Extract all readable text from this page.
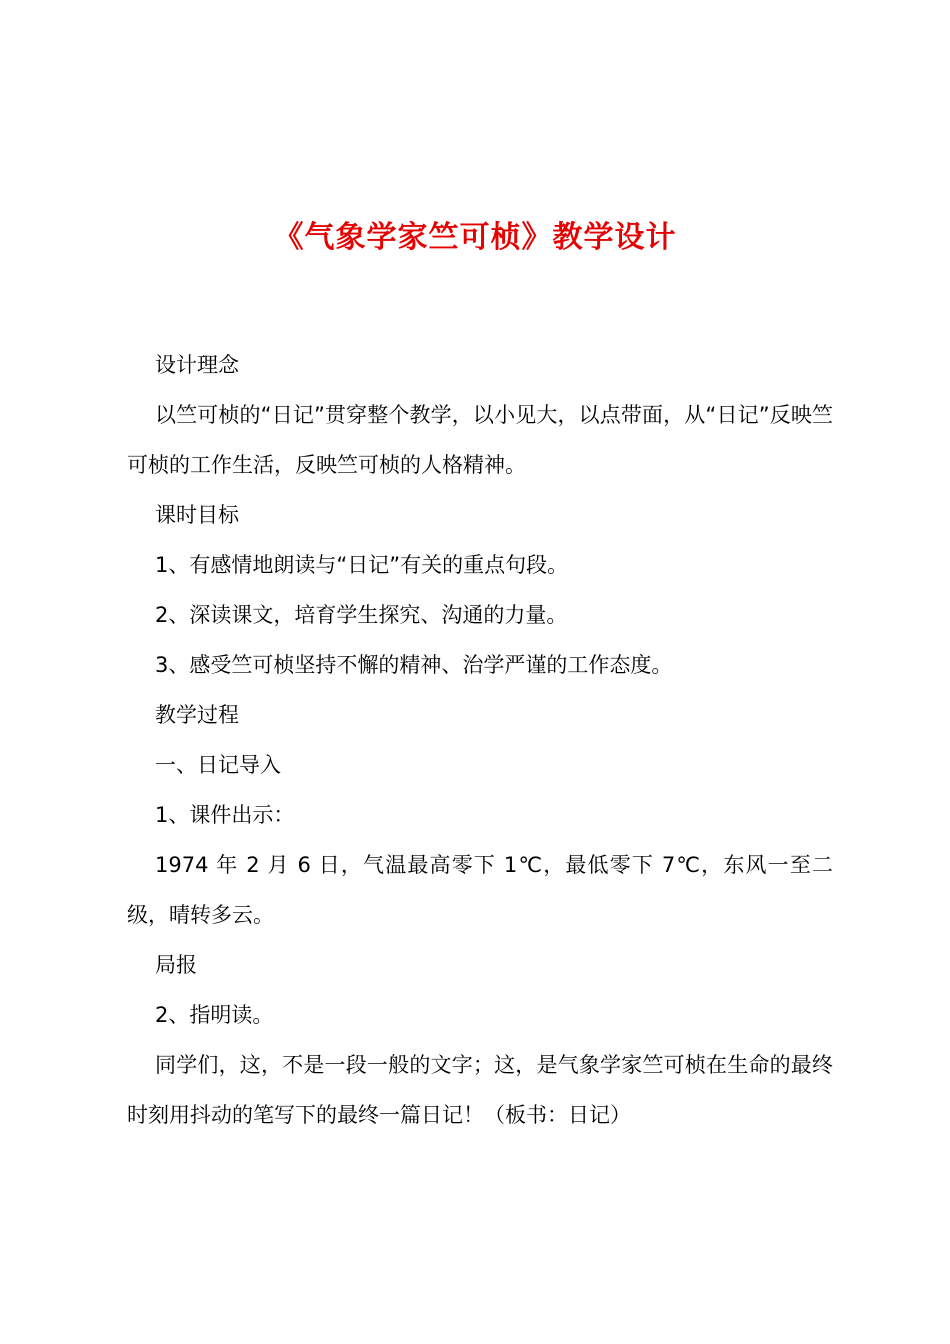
《气象学家竺可桢》教学设计

设计理念

以竺可桢的“日记”贯穿整个教学，以小见大，以点带面，从“日记”反映竺可桢的工作生活，反映竺可桢的人格精神。

课时目标

1、有感情地朗读与“日记”有关的重点句段。

2、深读课文，培育学生探究、沟通的力量。

3、感受竺可桢坚持不懈的精神、治学严谨的工作态度。

教学过程

一、日记导入

1、课件出示：

1974 年 2 月 6 日，气温最高零下 1℃，最低零下 7℃，东风一至二级，晴转多云。

局报

2、指明读。

同学们，这，不是一段一般的文字；这，是气象学家竺可桢在生命的最终时刻用抖动的笔写下的最终一篇日记！（板书：日记）
